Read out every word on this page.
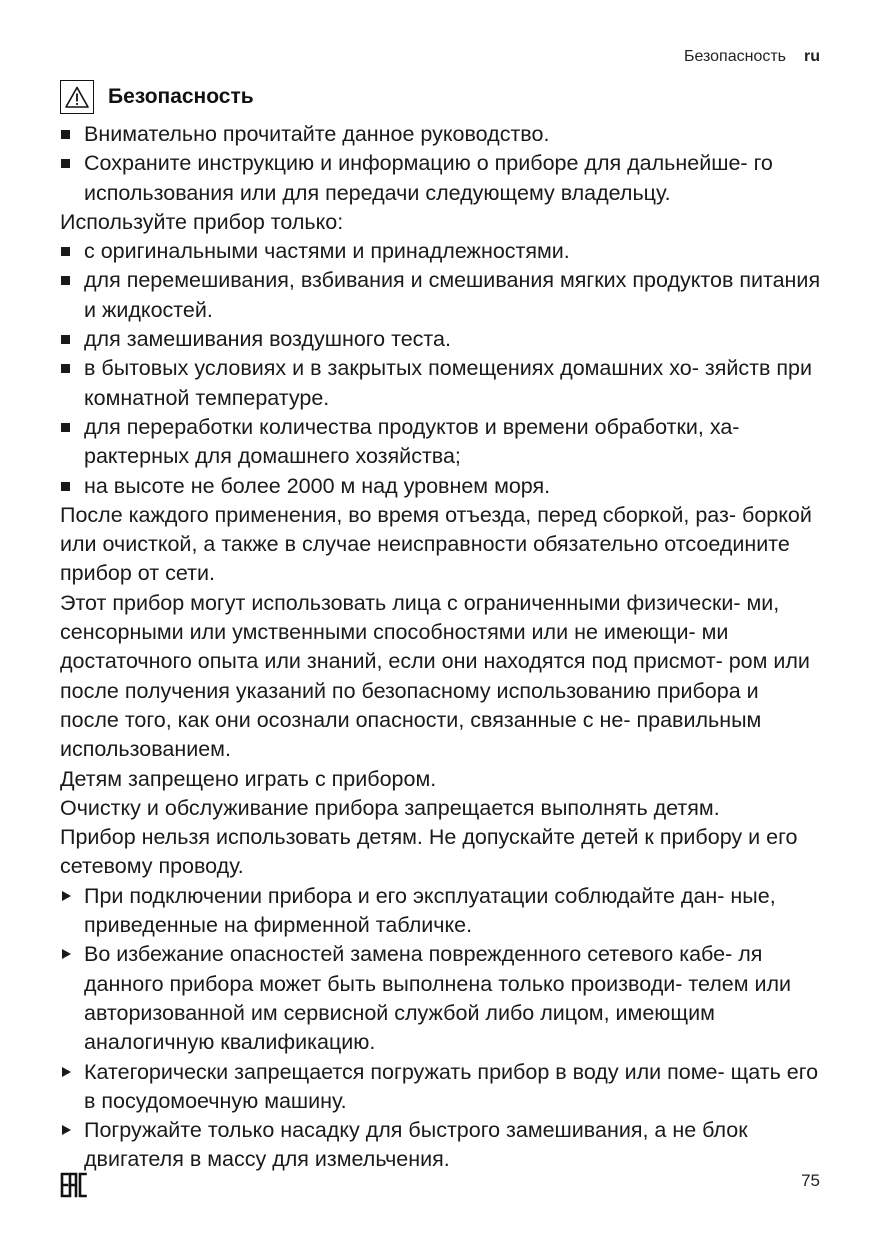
Безопасность ru
Безопасность
Внимательно прочитайте данное руководство.
Сохраните инструкцию и информацию о приборе для дальнейше- го использования или для передачи следующему владельцу.

Используйте прибор только:

с оригинальными частями и принадлежностями.
для перемешивания, взбивания и смешивания мягких продуктов питания и жидкостей.
для замешивания воздушного теста.
в бытовых условиях и в закрытых помещениях домашних хо- зяйств при комнатной температуре.
для переработки количества продуктов и времени обработки, ха- рактерных для домашнего хозяйства;
на высоте не более 2000 м над уровнем моря.

После каждого применения, во время отъезда, перед сборкой, раз- боркой или очисткой, а также в случае неисправности обязательно отсоедините прибор от сети.

Этот прибор могут использовать лица с ограниченными физически- ми, сенсорными или умственными способностями или не имеющи- ми достаточного опыта или знаний, если они находятся под присмот- ром или после получения указаний по безопасному использованию прибора и после того, как они осознали опасности, связанные с не- правильным использованием.

Детям запрещено играть с прибором.

Очистку и обслуживание прибора запрещается выполнять детям.

Прибор нельзя использовать детям. Не допускайте детей к прибору и его сетевому проводу.

При подключении прибора и его эксплуатации соблюдайте дан- ные, приведенные на фирменной табличке.
Во избежание опасностей замена поврежденного сетевого кабе- ля данного прибора может быть выполнена только производи- телем или авторизованной им сервисной службой либо лицом, имеющим аналогичную квалификацию.
Категорически запрещается погружать прибор в воду или поме- щать его в посудомоечную машину.
Погружайте только насадку для быстрого замешивания, а не блок двигателя в массу для измельчения.
75
